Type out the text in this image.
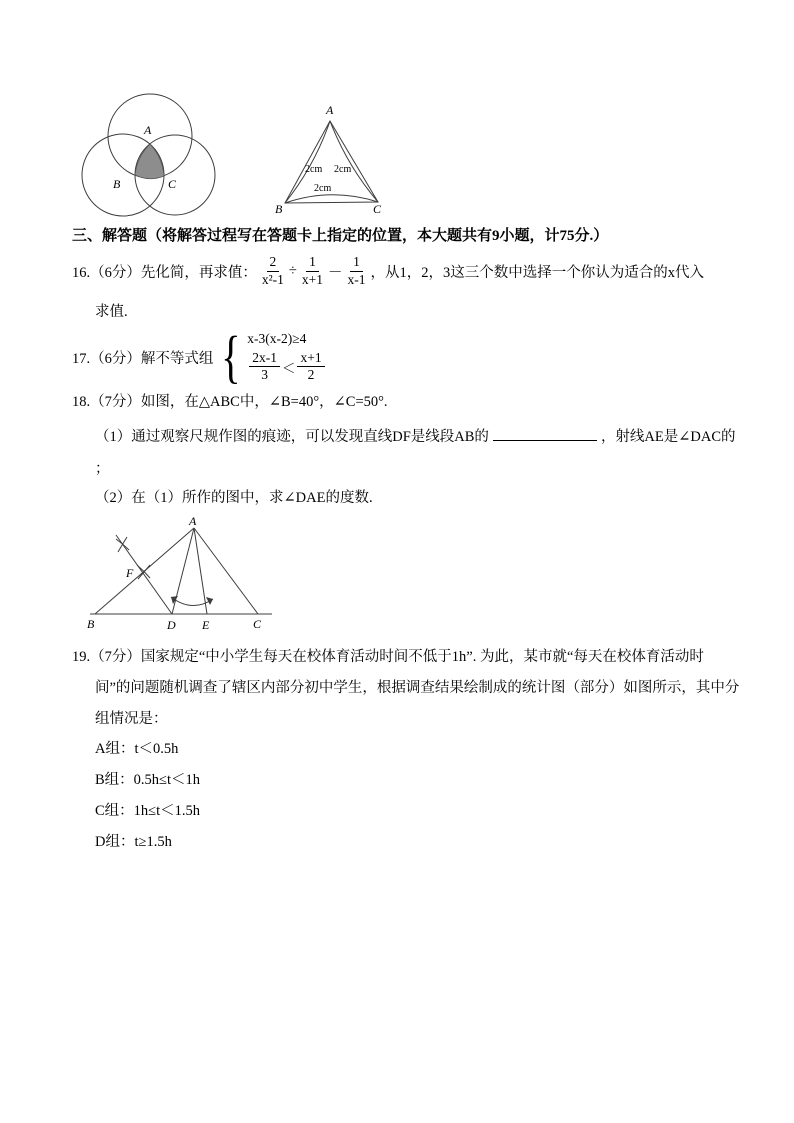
A
B	C
A
B	C
2cm 2cm
2cm
三、解答题（将解答过程写在答题卡上指定的位置，本大题共有9小题，计75分.）
16.（6分）先化简，再求值： $\frac{2}{\text{x²-1}} \div \frac{1}{x+1} - \frac{1}{x-1}$ ，从1，2，3这三个数中选择一个你认为适合的x代入
求值.
17.（6分）解不等式组 { x-3(x-2)≥4
$\frac{2x-1}{3} < \frac{x+1}{2}$
18.（7分）如图，在△ABC中，∠B=40°，∠C=50°.
（1）通过观察尺规作图的痕迹，可以发现直线DF是线段AB的	，射线AE是∠DAC的
；
（2）在（1）所作的图中，求∠DAE的度数.
A
F
B	D E	C
19.（7分）国家规定“中小学生每天在校体育活动时间不低于1h”. 为此，某市就“每天在校体育活动时
间”的问题随机调查了辖区内部分初中学生，根据调查结果绘制成的统计图（部分）如图所示，其中分
组情况是：
A组：t＜0.5h
B组：0.5h≤t＜1h
C组：1h≤t＜1.5h
D组：t≥1.5h
